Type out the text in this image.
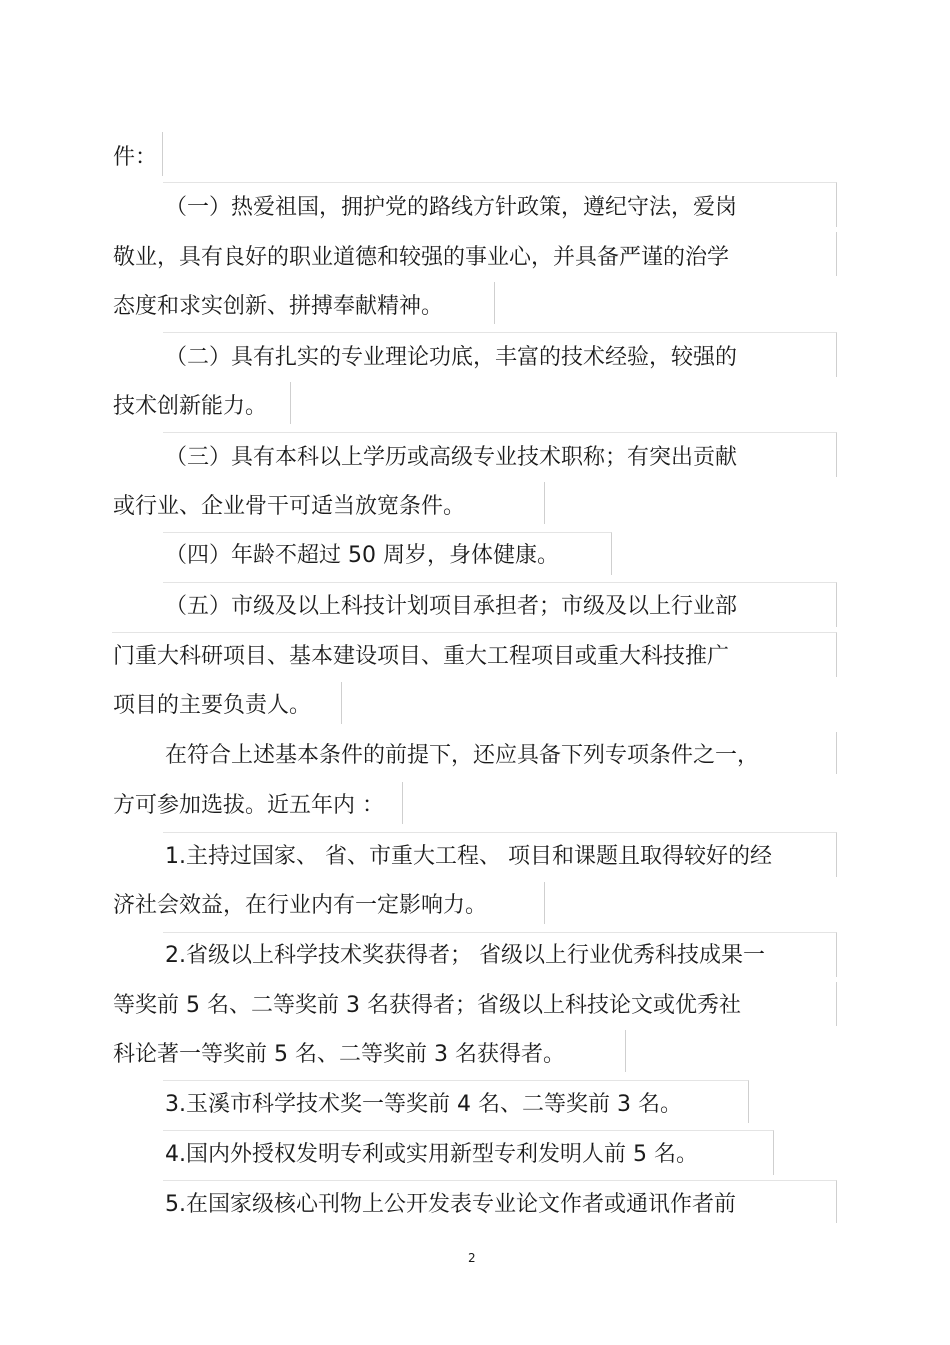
件：
（一）热爱祖国，拥护党的路线方针政策，遵纪守法，爱岗
敬业，具有良好的职业道德和较强的事业心，并具备严谨的治学
态度和求实创新、拼搏奉献精神。
（二）具有扎实的专业理论功底，丰富的技术经验，较强的
技术创新能力。
（三）具有本科以上学历或高级专业技术职称；有突出贡献
或行业、企业骨干可适当放宽条件。
（四）年龄不超过 50 周岁，身体健康。
（五）市级及以上科技计划项目承担者；市级及以上行业部
门重大科研项目、基本建设项目、重大工程项目或重大科技推广
项目的主要负责人。
在符合上述基本条件的前提下，还应具备下列专项条件之一，
方可参加选拔。近五年内 ：
1.主持过国家、 省、市重大工程、 项目和课题且取得较好的经
济社会效益，在行业内有一定影响力。
2.省级以上科学技术奖获得者； 省级以上行业优秀科技成果一
等奖前 5 名、二等奖前 3 名获得者；省级以上科技论文或优秀社
科论著一等奖前 5 名、二等奖前 3 名获得者。
3.玉溪市科学技术奖一等奖前 4 名、二等奖前 3 名。
4.国内外授权发明专利或实用新型专利发明人前 5 名。
5.在国家级核心刊物上公开发表专业论文作者或通讯作者前
2
